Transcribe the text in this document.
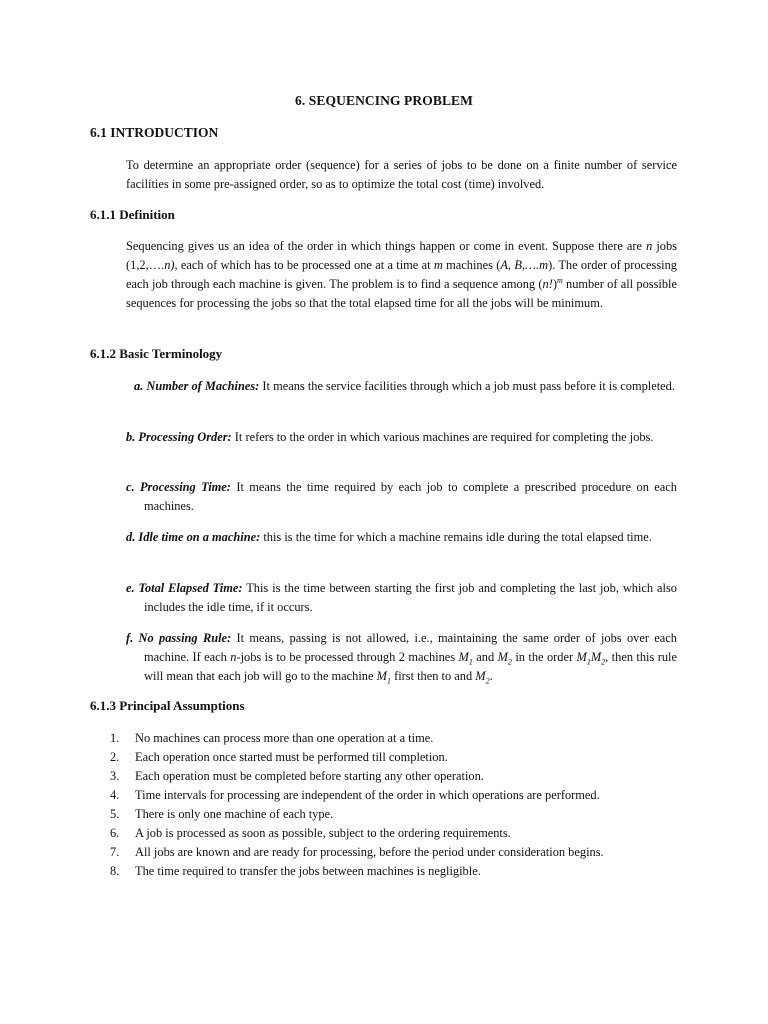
6. SEQUENCING PROBLEM
6.1 INTRODUCTION

To determine an appropriate order (sequence) for a series of jobs to be done on a finite number of service facilities in some pre-assigned order, so as to optimize the total cost (time) involved.

6.1.1 Definition

Sequencing gives us an idea of the order in which things happen or come in event. Suppose there are n jobs (1,2,….n), each of which has to be processed one at a time at m machines (A, B,….m). The order of processing each job through each machine is given. The problem is to find a sequence among $(n!)^m$ number of all possible sequences for processing the jobs so that the total elapsed time for all the jobs will be minimum.

6.1.2 Basic Terminology

a. Number of Machines: It means the service facilities through which a job must pass before it is completed.

b. Processing Order: It refers to the order in which various machines are required for completing the jobs.

c. Processing Time: It means the time required by each job to complete a prescribed procedure on each machines.

d. Idle time on a machine: this is the time for which a machine remains idle during the total elapsed time.

e. Total Elapsed Time: This is the time between starting the first job and completing the last job, which also includes the idle time, if it occurs.

f. No passing Rule: It means, passing is not allowed, i.e., maintaining the same order of jobs over each machine. If each n-jobs is to be processed through 2 machines $M_1$ and $M_2$ in the order $M_1M_2$, then this rule will mean that each job will go to the machine $M_1$ first then to and $M_2$.

6.1.3 Principal Assumptions
1.	No machines can process more than one operation at a time.
2.	Each operation once started must be performed till completion.
3.	Each operation must be completed before starting any other operation.
4.	Time intervals for processing are independent of the order in which operations are performed.
5.	There is only one machine of each type.
6.	A job is processed as soon as possible, subject to the ordering requirements.
7.	All jobs are known and are ready for processing, before the period under consideration begins.
8.	The time required to transfer the jobs between machines is negligible.
